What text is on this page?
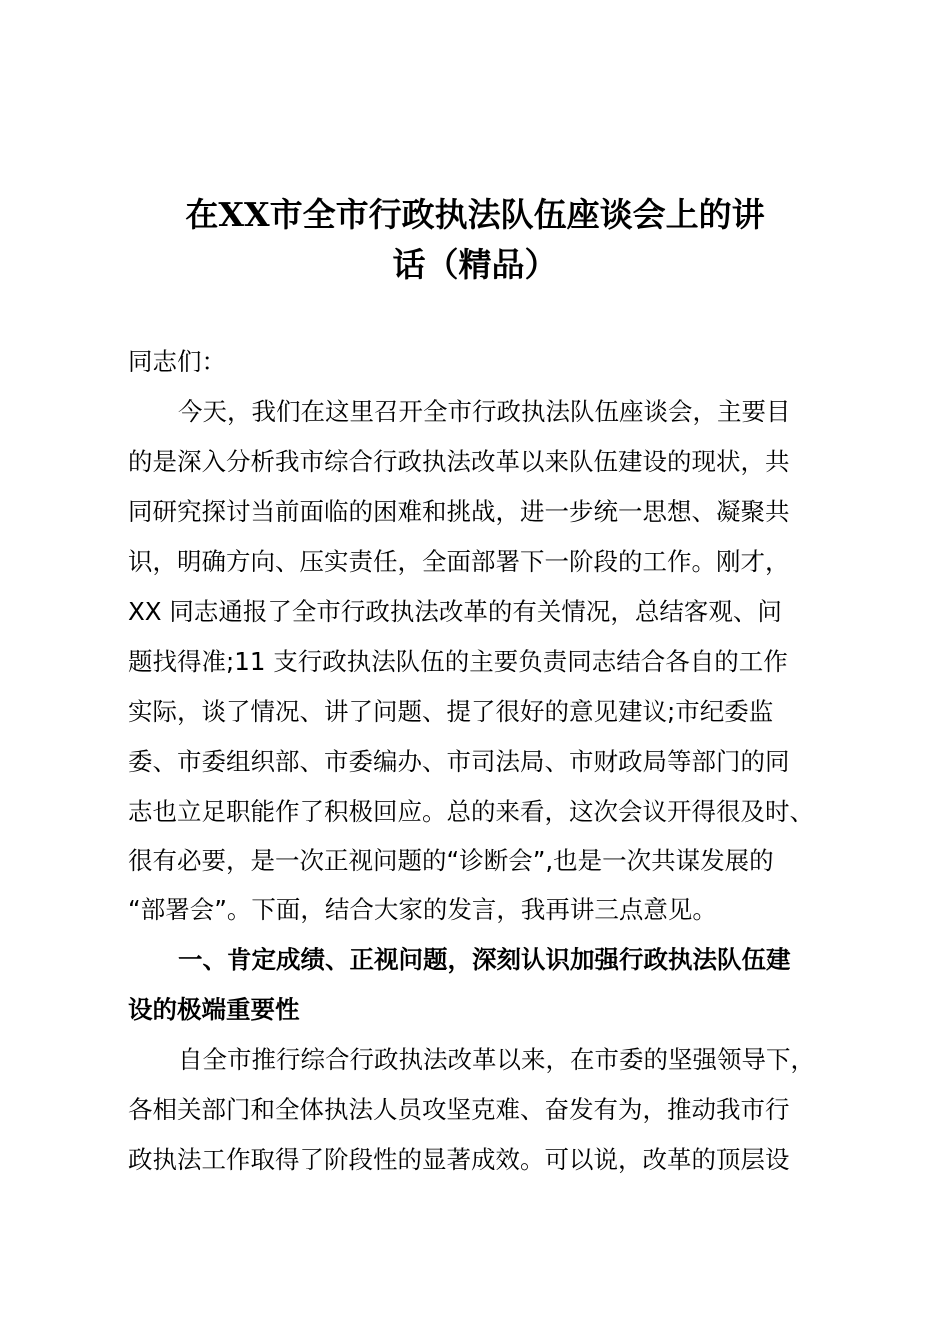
在XX市全市行政执法队伍座谈会上的讲
话（精品）
同志们：
今天，我们在这里召开全市行政执法队伍座谈会，主要目
的是深入分析我市综合行政执法改革以来队伍建设的现状，共
同研究探讨当前面临的困难和挑战，进一步统一思想、凝聚共
识，明确方向、压实责任，全面部署下一阶段的工作。刚才，
XX 同志通报了全市行政执法改革的有关情况，总结客观、问
题找得准;11 支行政执法队伍的主要负责同志结合各自的工作
实际，谈了情况、讲了问题、提了很好的意见建议;市纪委监
委、市委组织部、市委编办、市司法局、市财政局等部门的同
志也立足职能作了积极回应。总的来看，这次会议开得很及时、
很有必要，是一次正视问题的“诊断会”,也是一次共谋发展的
“部署会”。下面，结合大家的发言，我再讲三点意见。
一、肯定成绩、正视问题，深刻认识加强行政执法队伍建
设的极端重要性
自全市推行综合行政执法改革以来，在市委的坚强领导下，
各相关部门和全体执法人员攻坚克难、奋发有为，推动我市行
政执法工作取得了阶段性的显著成效。可以说，改革的顶层设
